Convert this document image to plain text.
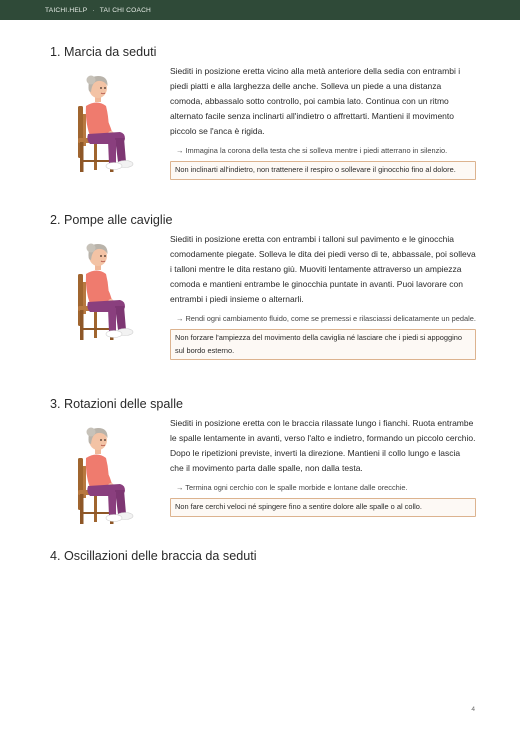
TAICHI.HELP · TAI CHI COACH
1. Marcia da seduti

Siediti in posizione eretta vicino alla metà anteriore della sedia con entrambi i piedi piatti e alla larghezza delle anche. Solleva un piede a una distanza comoda, abbassalo sotto controllo, poi cambia lato. Continua con un ritmo alternato facile senza inclinarti all'indietro o affrettarti. Mantieni il movimento piccolo se l'anca è rigida.

→ Immagina la corona della testa che si solleva mentre i piedi atterrano in silenzio.

Non inclinarti all'indietro, non trattenere il respiro o sollevare il ginocchio fino al dolore.
2. Pompe alle caviglie

Siediti in posizione eretta con entrambi i talloni sul pavimento e le ginocchia comodamente piegate. Solleva le dita dei piedi verso di te, abbassale, poi solleva i talloni mentre le dita restano giù. Muoviti lentamente attraverso un ampiezza comoda e mantieni entrambe le ginocchia puntate in avanti. Puoi lavorare con entrambi i piedi insieme o alternarli.

→ Rendi ogni cambiamento fluido, come se premessi e rilasciassi delicatamente un pedale.

Non forzare l'ampiezza del movimento della caviglia né lasciare che i piedi si appoggino sul bordo esterno.
3. Rotazioni delle spalle

Siediti in posizione eretta con le braccia rilassate lungo i fianchi. Ruota entrambe le spalle lentamente in avanti, verso l'alto e indietro, formando un piccolo cerchio. Dopo le ripetizioni previste, inverti la direzione. Mantieni il collo lungo e lascia che il movimento parta dalle spalle, non dalla testa.

→ Termina ogni cerchio con le spalle morbide e lontane dalle orecchie.

Non fare cerchi veloci né spingere fino a sentire dolore alle spalle o al collo.
4. Oscillazioni delle braccia da seduti
4
